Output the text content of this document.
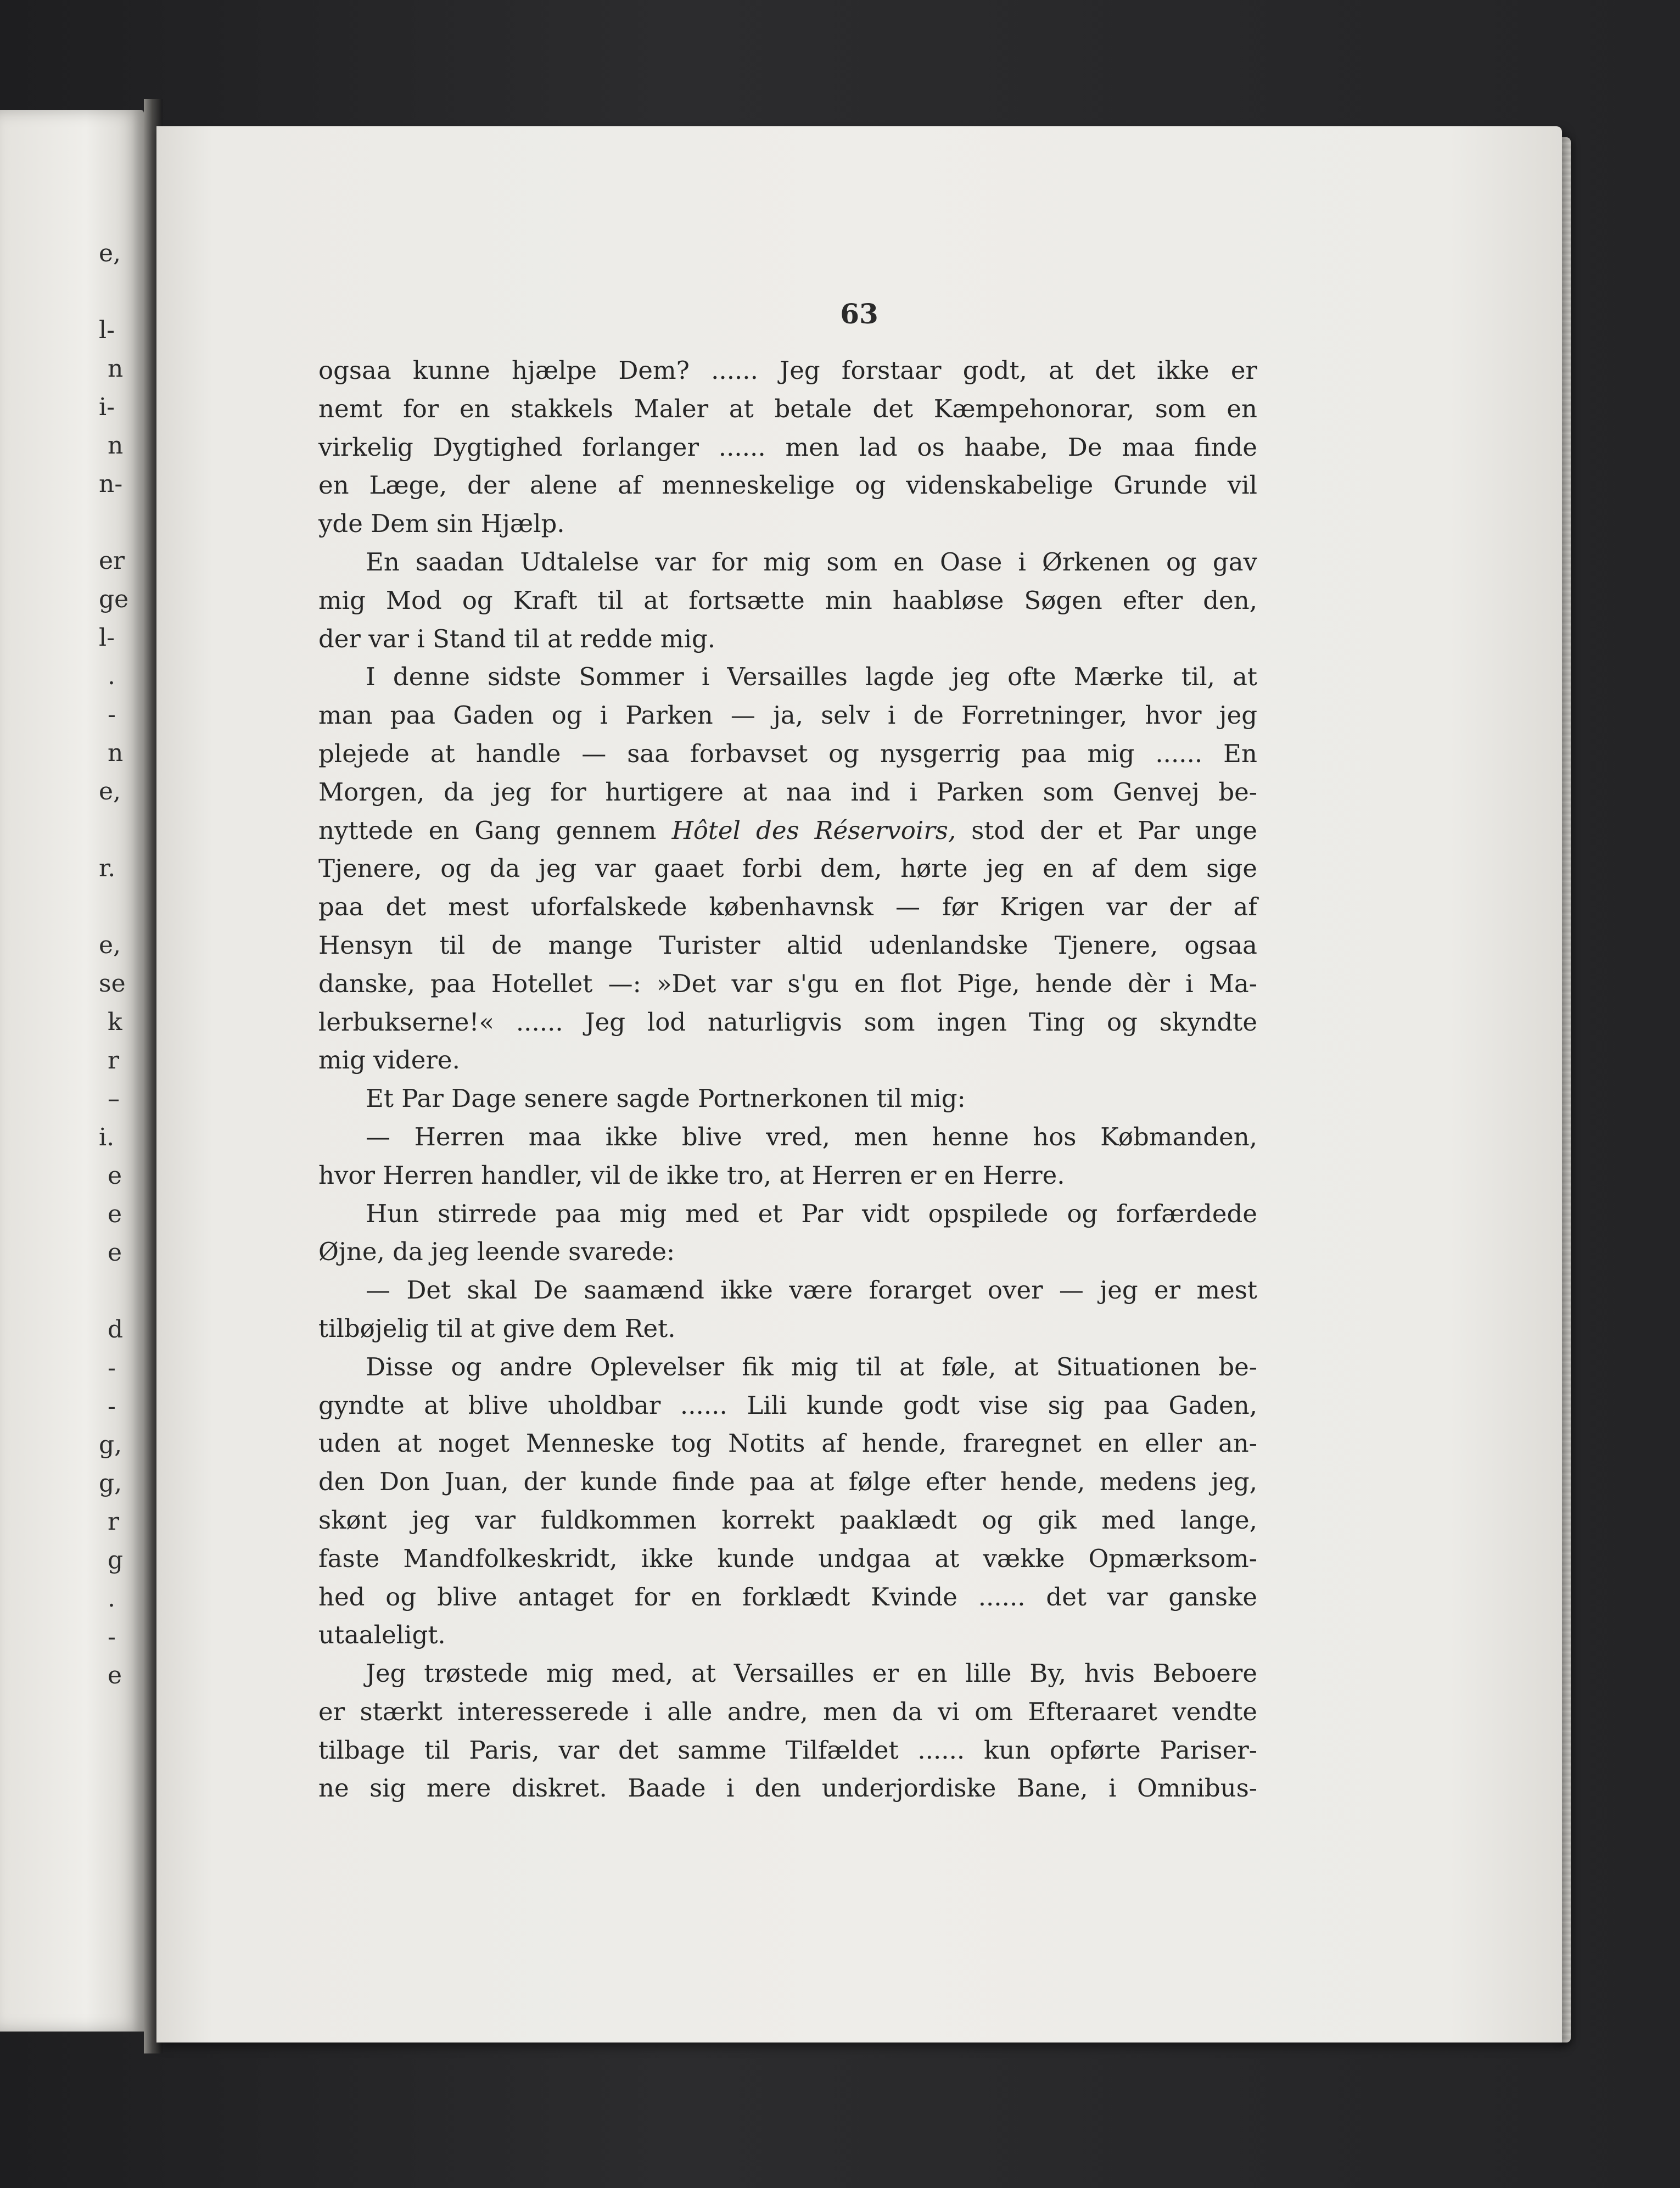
e,
l-
n
i-
n
n-
er
ge
l-
.
-
n
e,
r.
e,
se
k
r
–
i.
e
e
e
d
-
-
g,
g,
r
g
.
-
e
63
ogsaa kunne hjælpe Dem? ...... Jeg forstaar godt, at det ikke er
nemt for en stakkels Maler at betale det Kæmpehonorar, som en
virkelig Dygtighed forlanger ...... men lad os haabe, De maa finde
en Læge, der alene af menneskelige og videnskabelige Grunde vil
yde Dem sin Hjælp.
En saadan Udtalelse var for mig som en Oase i Ørkenen og gav
mig Mod og Kraft til at fortsætte min haabløse Søgen efter den,
der var i Stand til at redde mig.
I denne sidste Sommer i Versailles lagde jeg ofte Mærke til, at
man paa Gaden og i Parken — ja, selv i de Forretninger, hvor jeg
plejede at handle — saa forbavset og nysgerrig paa mig ...... En
Morgen, da jeg for hurtigere at naa ind i Parken som Genvej be-
nyttede en Gang gennem Hôtel des Réservoirs, stod der et Par unge
Tjenere, og da jeg var gaaet forbi dem, hørte jeg en af dem sige
paa det mest uforfalskede københavnsk — før Krigen var der af
Hensyn til de mange Turister altid udenlandske Tjenere, ogsaa
danske, paa Hotellet —: »Det var s'gu en flot Pige, hende dèr i Ma-
lerbukserne!« ...... Jeg lod naturligvis som ingen Ting og skyndte
mig videre.
Et Par Dage senere sagde Portnerkonen til mig:
— Herren maa ikke blive vred, men henne hos Købmanden,
hvor Herren handler, vil de ikke tro, at Herren er en Herre.
Hun stirrede paa mig med et Par vidt opspilede og forfærdede
Øjne, da jeg leende svarede:
— Det skal De saamænd ikke være forarget over — jeg er mest
tilbøjelig til at give dem Ret.
Disse og andre Oplevelser fik mig til at føle, at Situationen be-
gyndte at blive uholdbar ...... Lili kunde godt vise sig paa Gaden,
uden at noget Menneske tog Notits af hende, fraregnet en eller an-
den Don Juan, der kunde finde paa at følge efter hende, medens jeg,
skønt jeg var fuldkommen korrekt paaklædt og gik med lange,
faste Mandfolkeskridt, ikke kunde undgaa at vække Opmærksom-
hed og blive antaget for en forklædt Kvinde ...... det var ganske
utaaleligt.
Jeg trøstede mig med, at Versailles er en lille By, hvis Beboere
er stærkt interesserede i alle andre, men da vi om Efteraaret vendte
tilbage til Paris, var det samme Tilfældet ...... kun opførte Pariser-
ne sig mere diskret. Baade i den underjordiske Bane, i Omnibus-
